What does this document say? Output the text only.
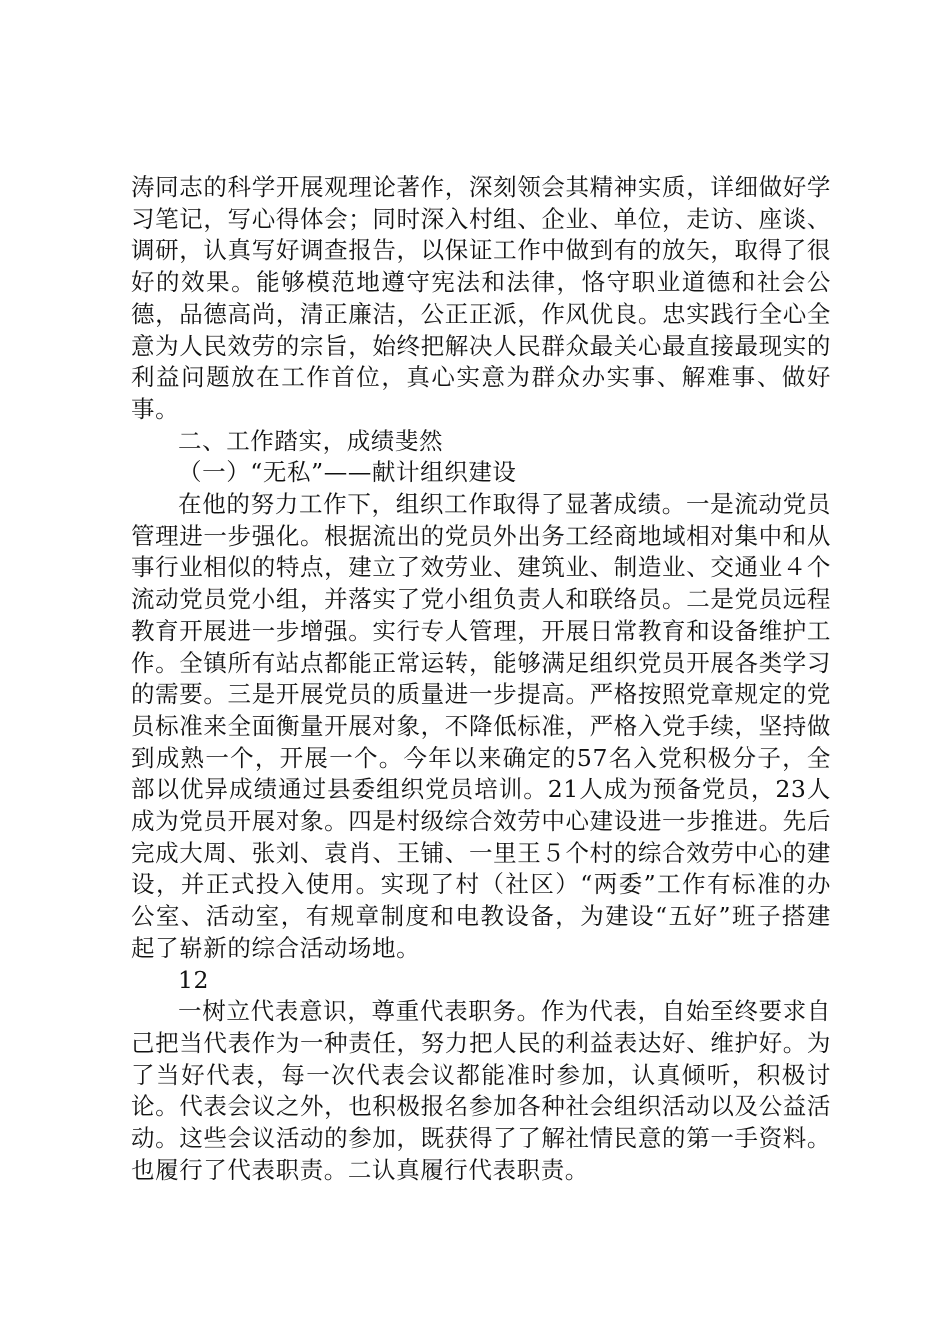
涛同志的科学开展观理论著作，深刻领会其精神实质，详细做好学习笔记，写心得体会；同时深入村组、企业、单位，走访、座谈、调研，认真写好调查报告，以保证工作中做到有的放矢，取得了很好的效果。能够模范地遵守宪法和法律，恪守职业道德和社会公德，品德高尚，清正廉洁，公正正派，作风优良。忠实践行全心全意为人民效劳的宗旨，始终把解决人民群众最关心最直接最现实的利益问题放在工作首位，真心实意为群众办实事、解难事、做好事。

二、工作踏实，成绩斐然

（一）“无私”——献计组织建设

在他的努力工作下，组织工作取得了显著成绩。一是流动党员管理进一步强化。根据流出的党员外出务工经商地域相对集中和从事行业相似的特点，建立了效劳业、建筑业、制造业、交通业４个流动党员党小组，并落实了党小组负责人和联络员。二是党员远程教育开展进一步增强。实行专人管理，开展日常教育和设备维护工作。全镇所有站点都能正常运转，能够满足组织党员开展各类学习的需要。三是开展党员的质量进一步提高。严格按照党章规定的党员标准来全面衡量开展对象，不降低标准，严格入党手续，坚持做到成熟一个，开展一个。今年以来确定的57名入党积极分子，全部以优异成绩通过县委组织党员培训。21人成为预备党员，23人成为党员开展对象。四是村级综合效劳中心建设进一步推进。先后完成大周、张刘、袁肖、王铺、一里王５个村的综合效劳中心的建设，并正式投入使用。实现了村（社区）“两委”工作有标准的办公室、活动室，有规章制度和电教设备，为建设“五好”班子搭建起了崭新的综合活动场地。

12

一树立代表意识，尊重代表职务。作为代表，自始至终要求自己把当代表作为一种责任，努力把人民的利益表达好、维护好。为了当好代表，每一次代表会议都能准时参加，认真倾听，积极讨论。代表会议之外，也积极报名参加各种社会组织活动以及公益活动。这些会议活动的参加，既获得了了解社情民意的第一手资料。也履行了代表职责。二认真履行代表职责。
